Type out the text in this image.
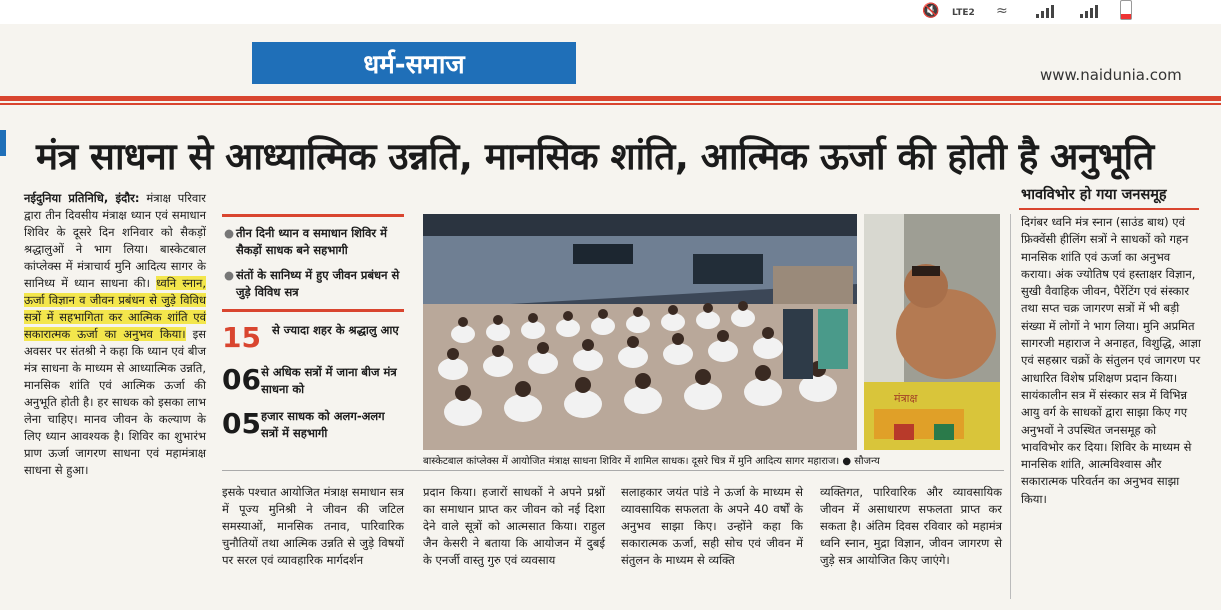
🔇 LTE2 ≈
धर्म-समाज	www.naidunia.com
मंत्र साधना से आध्यात्मिक उन्नति, मानसिक शांति, आत्मिक ऊर्जा की होती है अनुभूति
नईदुनिया प्रतिनिधि, इंदौर: मंत्राक्ष परिवार द्वारा तीन दिवसीय मंत्राक्ष ध्यान एवं समाधान शिविर के दूसरे दिन शनिवार को सैकड़ों श्रद्धालुओं ने भाग लिया। बास्केटबाल कांप्लेक्स में मंत्राचार्य मुनि आदित्य सागर के सानिध्य में ध्यान साधना की। ध्वनि स्नान, ऊर्जा विज्ञान व जीवन प्रबंधन से जुड़े विविध सत्रों में सहभागिता कर आत्मिक शांति एवं सकारात्मक ऊर्जा का अनुभव किया। इस अवसर पर संतश्री ने कहा कि ध्यान एवं बीज मंत्र साधना के माध्यम से आध्यात्मिक उन्नति, मानसिक शांति एवं आत्मिक ऊर्जा की अनुभूति होती है। हर साधक को इसका लाभ लेना चाहिए। मानव जीवन के कल्याण के लिए ध्यान आवश्यक है। शिविर का शुभारंभ प्राण ऊर्जा जागरण साधना एवं महामंत्राक्ष साधना से हुआ।
● तीन दिनी ध्यान व समाधान शिविर में सैकड़ों साधक बने सहभागी
● संतों के सानिध्य में हुए जीवन प्रबंधन से जुड़े विविध सत्र
15 से ज्यादा शहर के श्रद्धालु आए
06 से अधिक सत्रों में जाना बीज मंत्र साधना को
05 हजार साधक को अलग-अलग सत्रों में सहभागी
मंत्राक्ष
बास्केटबाल कांप्लेक्स में आयोजित मंत्राक्ष साधना शिविर में शामिल साधक। दूसरे चित्र में मुनि आदित्य सागर महाराज। ● सौजन्य
इसके पश्चात आयोजित मंत्राक्ष समाधान सत्र में पूज्य मुनिश्री ने जीवन की जटिल समस्याओं, मानसिक तनाव, पारिवारिक चुनौतियों तथा आत्मिक उन्नति से जुड़े विषयों पर सरल एवं व्यावहारिक मार्गदर्शन
प्रदान किया। हजारों साधकों ने अपने प्रश्नों का समाधान प्राप्त कर जीवन को नई दिशा देने वाले सूत्रों को आत्मसात किया। राहुल जैन केसरी ने बताया कि आयोजन में दुबई के एनर्जी वास्तु गुरु एवं व्यवसाय
सलाहकार जयंत पांडे ने ऊर्जा के माध्यम से व्यावसायिक सफलता के अपने 40 वर्षों के अनुभव साझा किए। उन्होंने कहा कि सकारात्मक ऊर्जा, सही सोच एवं जीवन में संतुलन के माध्यम से व्यक्ति
व्यक्तिगत, पारिवारिक और व्यावसायिक जीवन में असाधारण सफलता प्राप्त कर सकता है। अंतिम दिवस रविवार को महामंत्र ध्वनि स्नान, मुद्रा विज्ञान, जीवन जागरण से जुड़े सत्र आयोजित किए जाएंगे।
भावविभोर हो गया जनसमूह
दिगंबर ध्वनि मंत्र स्नान (साउंड बाथ) एवं फ्रिक्वेंसी हीलिंग सत्रों ने साधकों को गहन मानसिक शांति एवं ऊर्जा का अनुभव कराया। अंक ज्योतिष एवं हस्ताक्षर विज्ञान, सुखी वैवाहिक जीवन, पैरेंटिंग एवं संस्कार तथा सप्त चक्र जागरण सत्रों में भी बड़ी संख्या में लोगों ने भाग लिया। मुनि अप्रमित सागरजी महाराज ने अनाहत, विशुद्धि, आज्ञा एवं सहस्रार चक्रों के संतुलन एवं जागरण पर आधारित विशेष प्रशिक्षण प्रदान किया। सायंकालीन सत्र में संस्कार सत्र में विभिन्न आयु वर्ग के साधकों द्वारा साझा किए गए अनुभवों ने उपस्थित जनसमूह को भावविभोर कर दिया। शिविर के माध्यम से मानसिक शांति, आत्मविश्वास और सकारात्मक परिवर्तन का अनुभव साझा किया।
